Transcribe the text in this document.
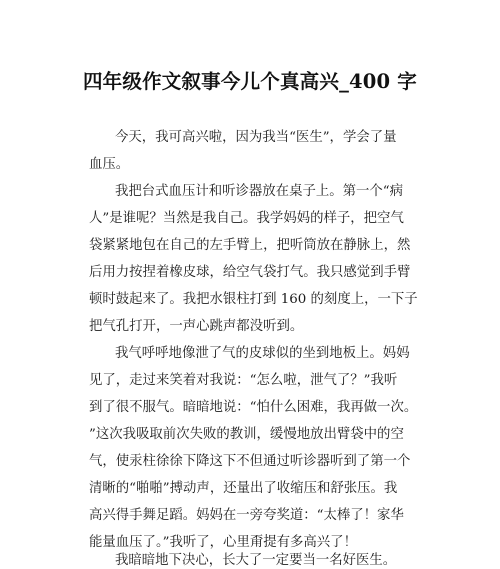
四年级作文叙事今儿个真高兴_400 字
今天，我可高兴啦，因为我当“医生”，学会了量
血压。
我把台式血压计和听诊器放在桌子上。第一个“病
人”是谁呢？当然是我自己。我学妈妈的样子，把空气
袋紧紧地包在自己的左手臂上，把听筒放在静脉上，然
后用力按捏着橡皮球，给空气袋打气。我只感觉到手臂
顿时鼓起来了。我把水银柱打到 160 的刻度上，一下子
把气孔打开，一声心跳声都没听到。
我气呼呼地像泄了气的皮球似的坐到地板上。妈妈
见了，走过来笑着对我说：“怎么啦，泄气了？”我听
到了很不服气。暗暗地说：“怕什么困难，我再做一次。
”这次我吸取前次失败的教训，缓慢地放出臂袋中的空
气，使汞柱徐徐下降这下不但通过听诊器听到了第一个
清晰的“啪啪”搏动声，还量出了收缩压和舒张压。我
高兴得手舞足蹈。妈妈在一旁夸奖道：“太棒了！家华
能量血压了。”我听了，心里甭提有多高兴了！
我暗暗地下决心，长大了一定要当一名好医生。
